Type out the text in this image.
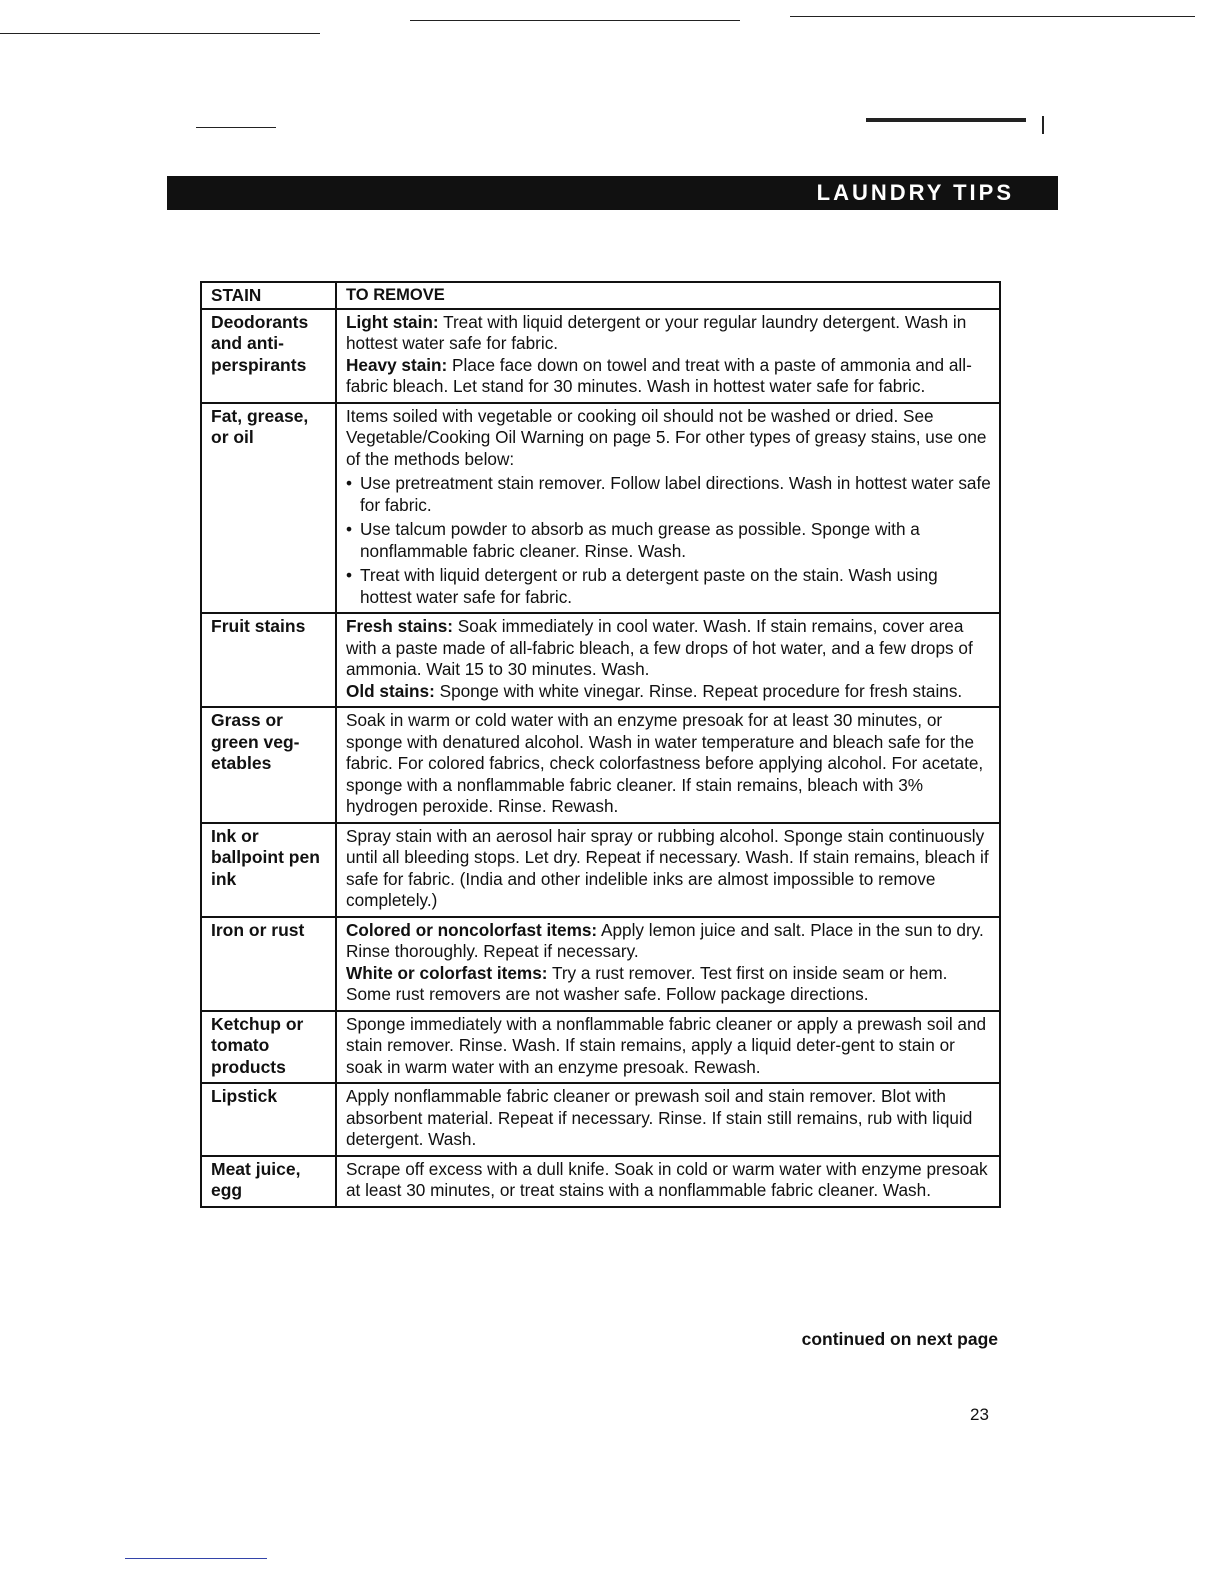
LAUNDRY TIPS
STAIN	TO REMOVE
Deodorants and anti-perspirants	Light stain: Treat with liquid detergent or your regular laundry detergent. Wash in hottest water safe for fabric.
Heavy stain: Place face down on towel and treat with a paste of ammonia and all-fabric bleach. Let stand for 30 minutes. Wash in hottest water safe for fabric.

Fat, grease, or oil	Items soiled with vegetable or cooking oil should not be washed or dried. See Vegetable/Cooking Oil Warning on page 5. For other types of greasy stains, use one of the methods below:
• Use pretreatment stain remover. Follow label directions. Wash in hottest water safe for fabric.
• Use talcum powder to absorb as much grease as possible. Sponge with a nonflammable fabric cleaner. Rinse. Wash.
• Treat with liquid detergent or rub a detergent paste on the stain. Wash using hottest water safe for fabric.

Fruit stains	Fresh stains: Soak immediately in cool water. Wash. If stain remains, cover area with a paste made of all-fabric bleach, a few drops of hot water, and a few drops of ammonia. Wait 15 to 30 minutes. Wash.
Old stains: Sponge with white vinegar. Rinse. Repeat procedure for fresh stains.

Grass or green veg-etables	Soak in warm or cold water with an enzyme presoak for at least 30 minutes, or sponge with denatured alcohol. Wash in water temperature and bleach safe for the fabric. For colored fabrics, check colorfastness before applying alcohol. For acetate, sponge with a nonflammable fabric cleaner. If stain remains, bleach with 3% hydrogen peroxide. Rinse. Rewash.
Ink or ballpoint pen ink	Spray stain with an aerosol hair spray or rubbing alcohol. Sponge stain continuously until all bleeding stops. Let dry. Repeat if necessary. Wash. If stain remains, bleach if safe for fabric. (India and other indelible inks are almost impossible to remove completely.)
Iron or rust	Colored or noncolorfast items: Apply lemon juice and salt. Place in the sun to dry. Rinse thoroughly. Repeat if necessary.
White or colorfast items: Try a rust remover. Test first on inside seam or hem. Some rust removers are not washer safe. Follow package directions.

Ketchup or tomato products	Sponge immediately with a nonflammable fabric cleaner or apply a prewash soil and stain remover. Rinse. Wash. If stain remains, apply a liquid deter-gent to stain or soak in warm water with an enzyme presoak. Rewash.
Lipstick	Apply nonflammable fabric cleaner or prewash soil and stain remover. Blot with absorbent material. Repeat if necessary. Rinse. If stain still remains, rub with liquid detergent. Wash.
Meat juice, egg	Scrape off excess with a dull knife. Soak in cold or warm water with enzyme presoak at least 30 minutes, or treat stains with a nonflammable fabric cleaner. Wash.
continued on next page
23
